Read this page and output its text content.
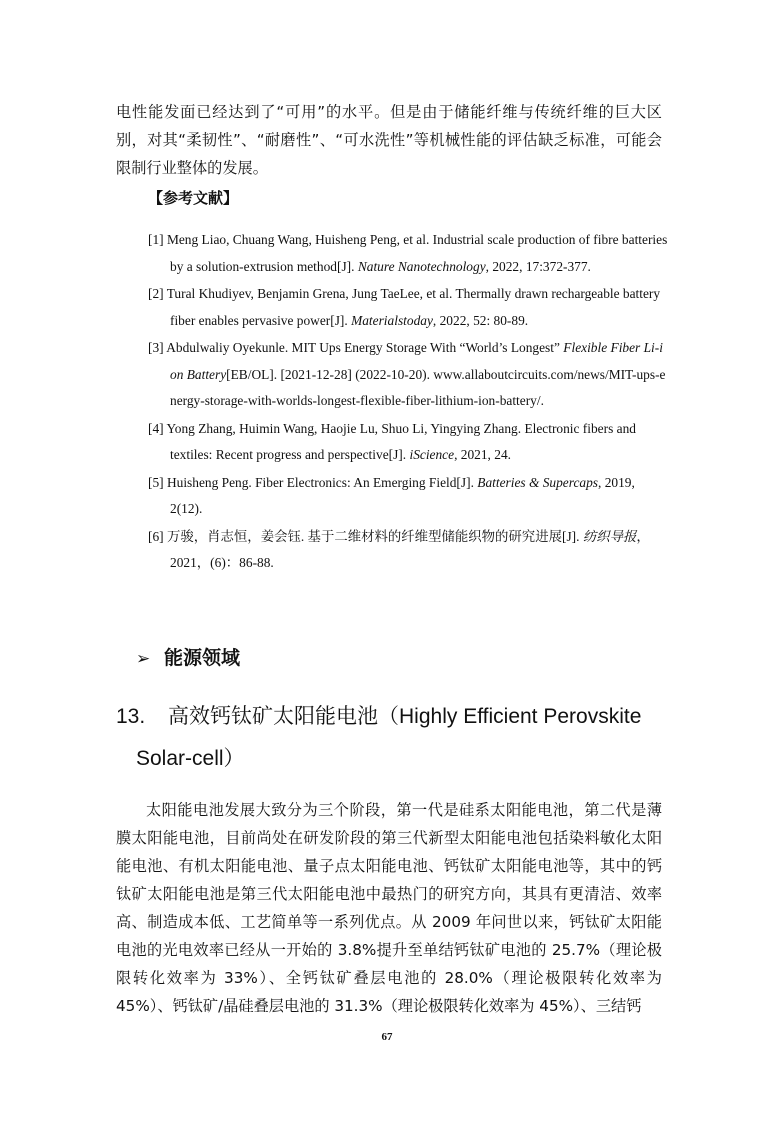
电性能发面已经达到了“可用”的水平。但是由于储能纤维与传统纤维的巨大区别，对其“柔韧性”、“耐磨性”、“可水洗性”等机械性能的评估缺乏标准，可能会限制行业整体的发展。

【参考文献】

[1] Meng Liao, Chuang Wang, Huisheng Peng, et al. Industrial scale production of fibre batteries by a solution-extrusion method[J]. Nature Nanotechnology, 2022, 17:372-377.
[2] Tural Khudiyev, Benjamin Grena, Jung TaeLee, et al. Thermally drawn rechargeable battery fiber enables pervasive power[J]. Materialstoday, 2022, 52: 80-89.
[3] Abdulwaliy Oyekunle. MIT Ups Energy Storage With “World’s Longest” Flexible Fiber Li-ion Battery[EB/OL]. [2021-12-28] (2022-10-20). www.allaboutcircuits.com/news/MIT-ups-energy-storage-with-worlds-longest-flexible-fiber-lithium-ion-battery/.
[4] Yong Zhang, Huimin Wang, Haojie Lu, Shuo Li, Yingying Zhang. Electronic fibers and textiles: Recent progress and perspective[J]. iScience, 2021, 24.
[5] Huisheng Peng. Fiber Electronics: An Emerging Field[J]. Batteries & Supercaps, 2019, 2(12).
[6] 万骏，肖志恒，姜会钰. 基于二维材料的纤维型储能织物的研究进展[J]. 纺织导报，2021，(6)：86-88.
➢ 能源领域
13. 高效钙钛矿太阳能电池（Highly Efficient Perovskite
Solar-cell）

太阳能电池发展大致分为三个阶段，第一代是硅系太阳能电池，第二代是薄膜太阳能电池，目前尚处在研发阶段的第三代新型太阳能电池包括染料敏化太阳能电池、有机太阳能电池、量子点太阳能电池、钙钛矿太阳能电池等，其中的钙钛矿太阳能电池是第三代太阳能电池中最热门的研究方向，其具有更清洁、效率高、制造成本低、工艺简单等一系列优点。从 2009 年问世以来，钙钛矿太阳能电池的光电效率已经从一开始的 3.8%提升至单结钙钛矿电池的 25.7%（理论极限转化效率为 33%）、全钙钛矿叠层电池的 28.0%（理论极限转化效率为 45%）、钙钛矿/晶硅叠层电池的 31.3%（理论极限转化效率为 45%）、三结钙

67
